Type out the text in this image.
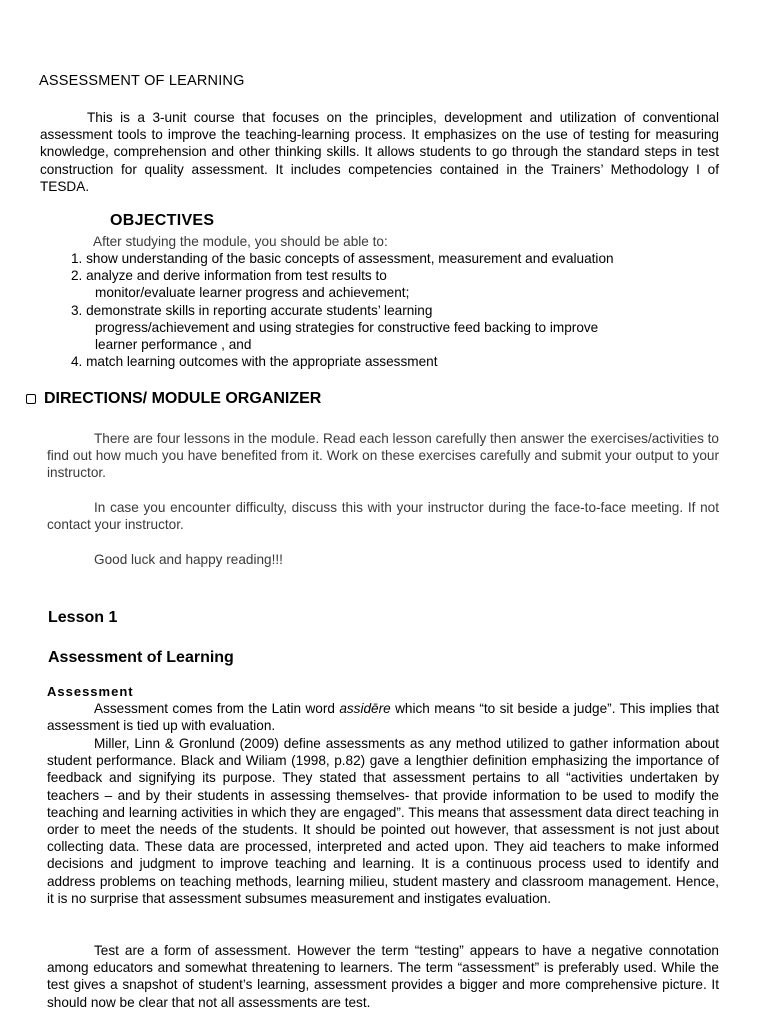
ASSESSMENT OF LEARNING

This is a 3-unit course that focuses on the principles, development and utilization of conventional assessment tools to improve the teaching-learning process. It emphasizes on the use of testing for measuring knowledge, comprehension and other thinking skills. It allows students to go through the standard steps in test construction for quality assessment. It includes competencies contained in the Trainers’ Methodology I of TESDA.

OBJECTIVES
After studying the module, you should be able to:
1. show understanding of the basic concepts of assessment, measurement and evaluation
2. analyze and derive information from test results to
monitor/evaluate learner progress and achievement;
3. demonstrate skills in reporting accurate students’ learning
progress/achievement and using strategies for constructive feed backing to improve
learner performance , and
4. match learning outcomes with the appropriate assessment
DIRECTIONS/ MODULE ORGANIZER

There are four lessons in the module. Read each lesson carefully then answer the exercises/activities to find out how much you have benefited from it. Work on these exercises carefully and submit your output to your instructor.

In case you encounter difficulty, discuss this with your instructor during the face-to-face meeting. If not contact your instructor.

Good luck and happy reading!!!

Lesson 1
Assessment of Learning
Assessment

Assessment comes from the Latin word assidēre which means “to sit beside a judge”. This implies that assessment is tied up with evaluation.

Miller, Linn & Gronlund (2009) define assessments as any method utilized to gather information about student performance. Black and Wiliam (1998, p.82) gave a lengthier definition emphasizing the importance of feedback and signifying its purpose. They stated that assessment pertains to all “activities undertaken by teachers – and by their students in assessing themselves- that provide information to be used to modify the teaching and learning activities in which they are engaged”. This means that assessment data direct teaching in order to meet the needs of the students. It should be pointed out however, that assessment is not just about collecting data. These data are processed, interpreted and acted upon. They aid teachers to make informed decisions and judgment to improve teaching and learning. It is a continuous process used to identify and address problems on teaching methods, learning milieu, student mastery and classroom management. Hence, it is no surprise that assessment subsumes measurement and instigates evaluation.

Test are a form of assessment. However the term “testing” appears to have a negative connotation among educators and somewhat threatening to learners. The term “assessment” is preferably used. While the test gives a snapshot of student’s learning, assessment provides a bigger and more comprehensive picture. It should now be clear that not all assessments are test.
